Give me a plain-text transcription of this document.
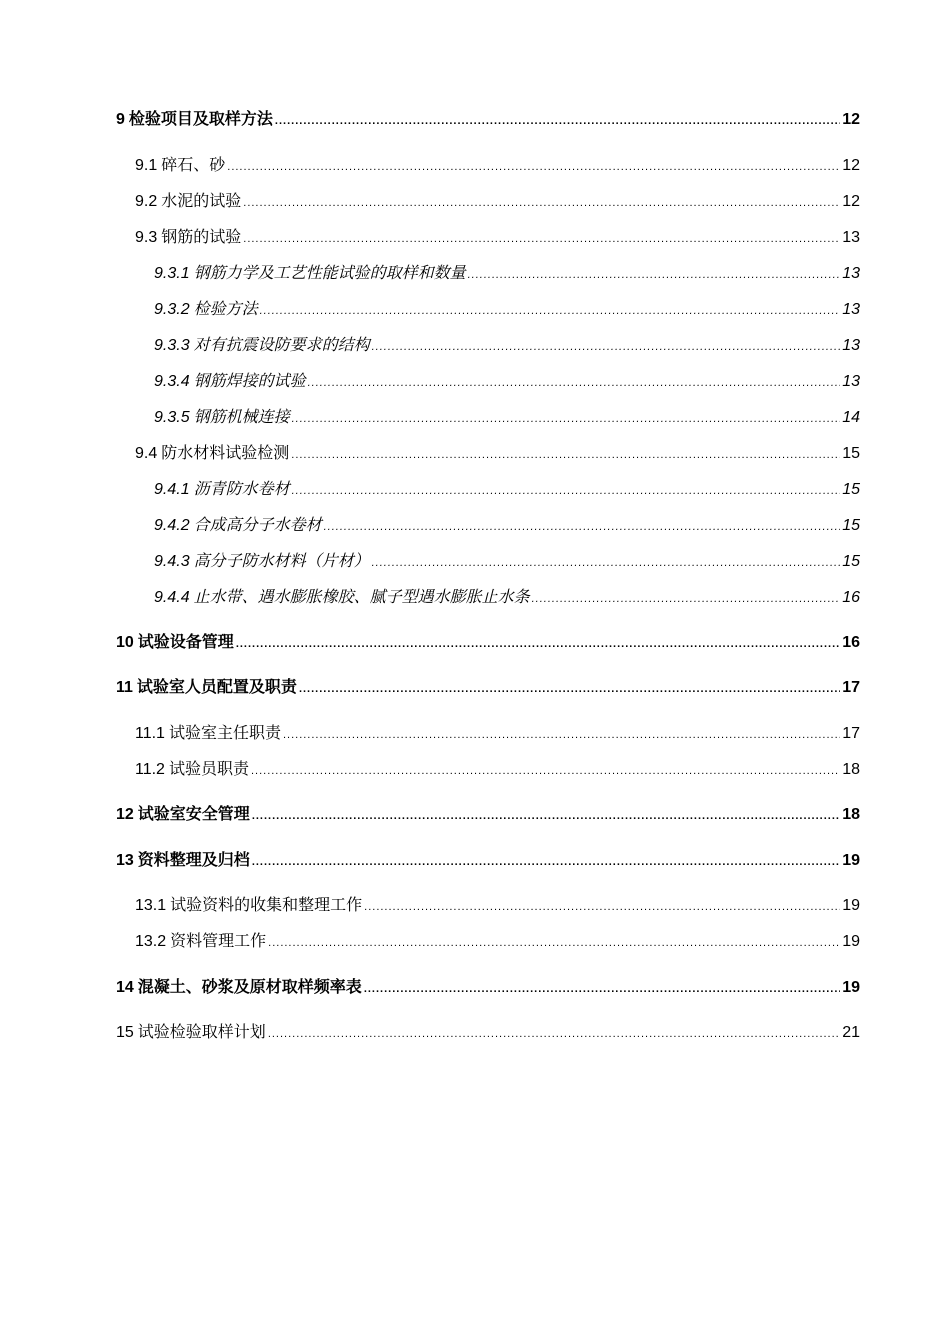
9 检验项目及取样方法 .....	12
9.1 碎石、砂 .....	12
9.2 水泥的试验 .....	12
9.3 钢筋的试验 .....	13
9.3.1 钢筋力学及工艺性能试验的取样和数量 .....	13
9.3.2 检验方法 .....	13
9.3.3 对有抗震设防要求的结构 .....	13
9.3.4 钢筋焊接的试验 .....	13
9.3.5 钢筋机械连接 .....	14
9.4 防水材料试验检测 .....	15
9.4.1 沥青防水卷材 .....	15
9.4.2 合成高分子水卷材 .....	15
9.4.3 高分子防水材料（片材） .....	15
9.4.4 止水带、遇水膨胀橡胶、腻子型遇水膨胀止水条 .....	16
10 试验设备管理 .....	16
11 试验室人员配置及职责 .....	17
11.1 试验室主任职责 .....	17
11.2 试验员职责 .....	18
12 试验室安全管理 .....	18
13 资料整理及归档 .....	19
13.1 试验资料的收集和整理工作 .....	19
13.2 资料管理工作 .....	19
14 混凝土、砂浆及原材取样频率表 .....	19
15 试验检验取样计划 .....	21
